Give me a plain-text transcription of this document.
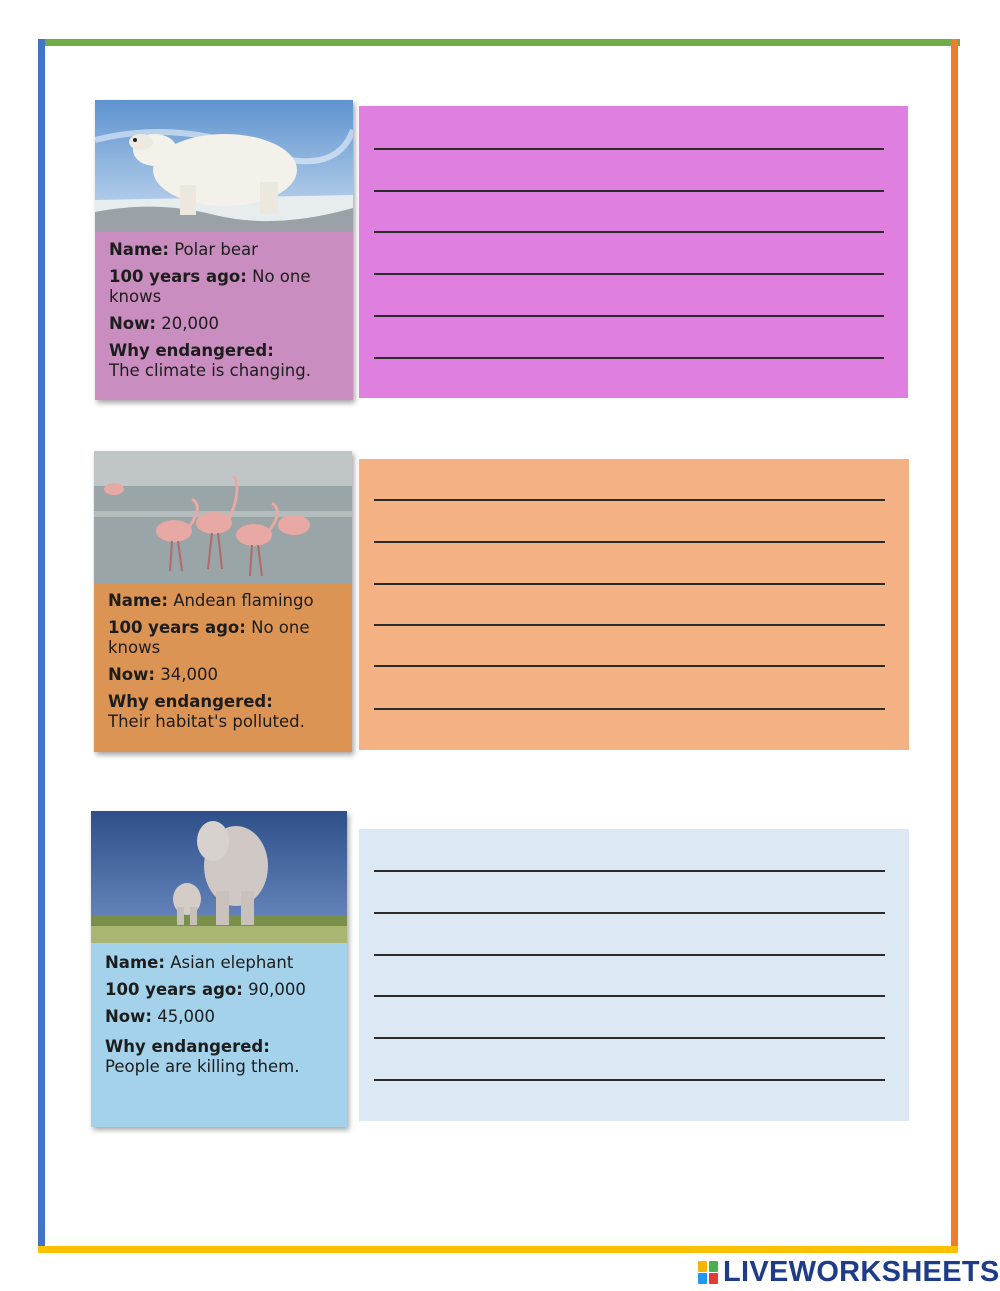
Name: Polar bear

100 years ago: No one knows

Now: 20,000

Why endangered:
The climate is changing.

Name: Andean flamingo

100 years ago: No one knows

Now: 34,000

Why endangered:
Their habitat's polluted.

Name: Asian elephant

100 years ago: 90,000

Now: 45,000

Why endangered:
People are killing them.

LIVEWORKSHEETS
